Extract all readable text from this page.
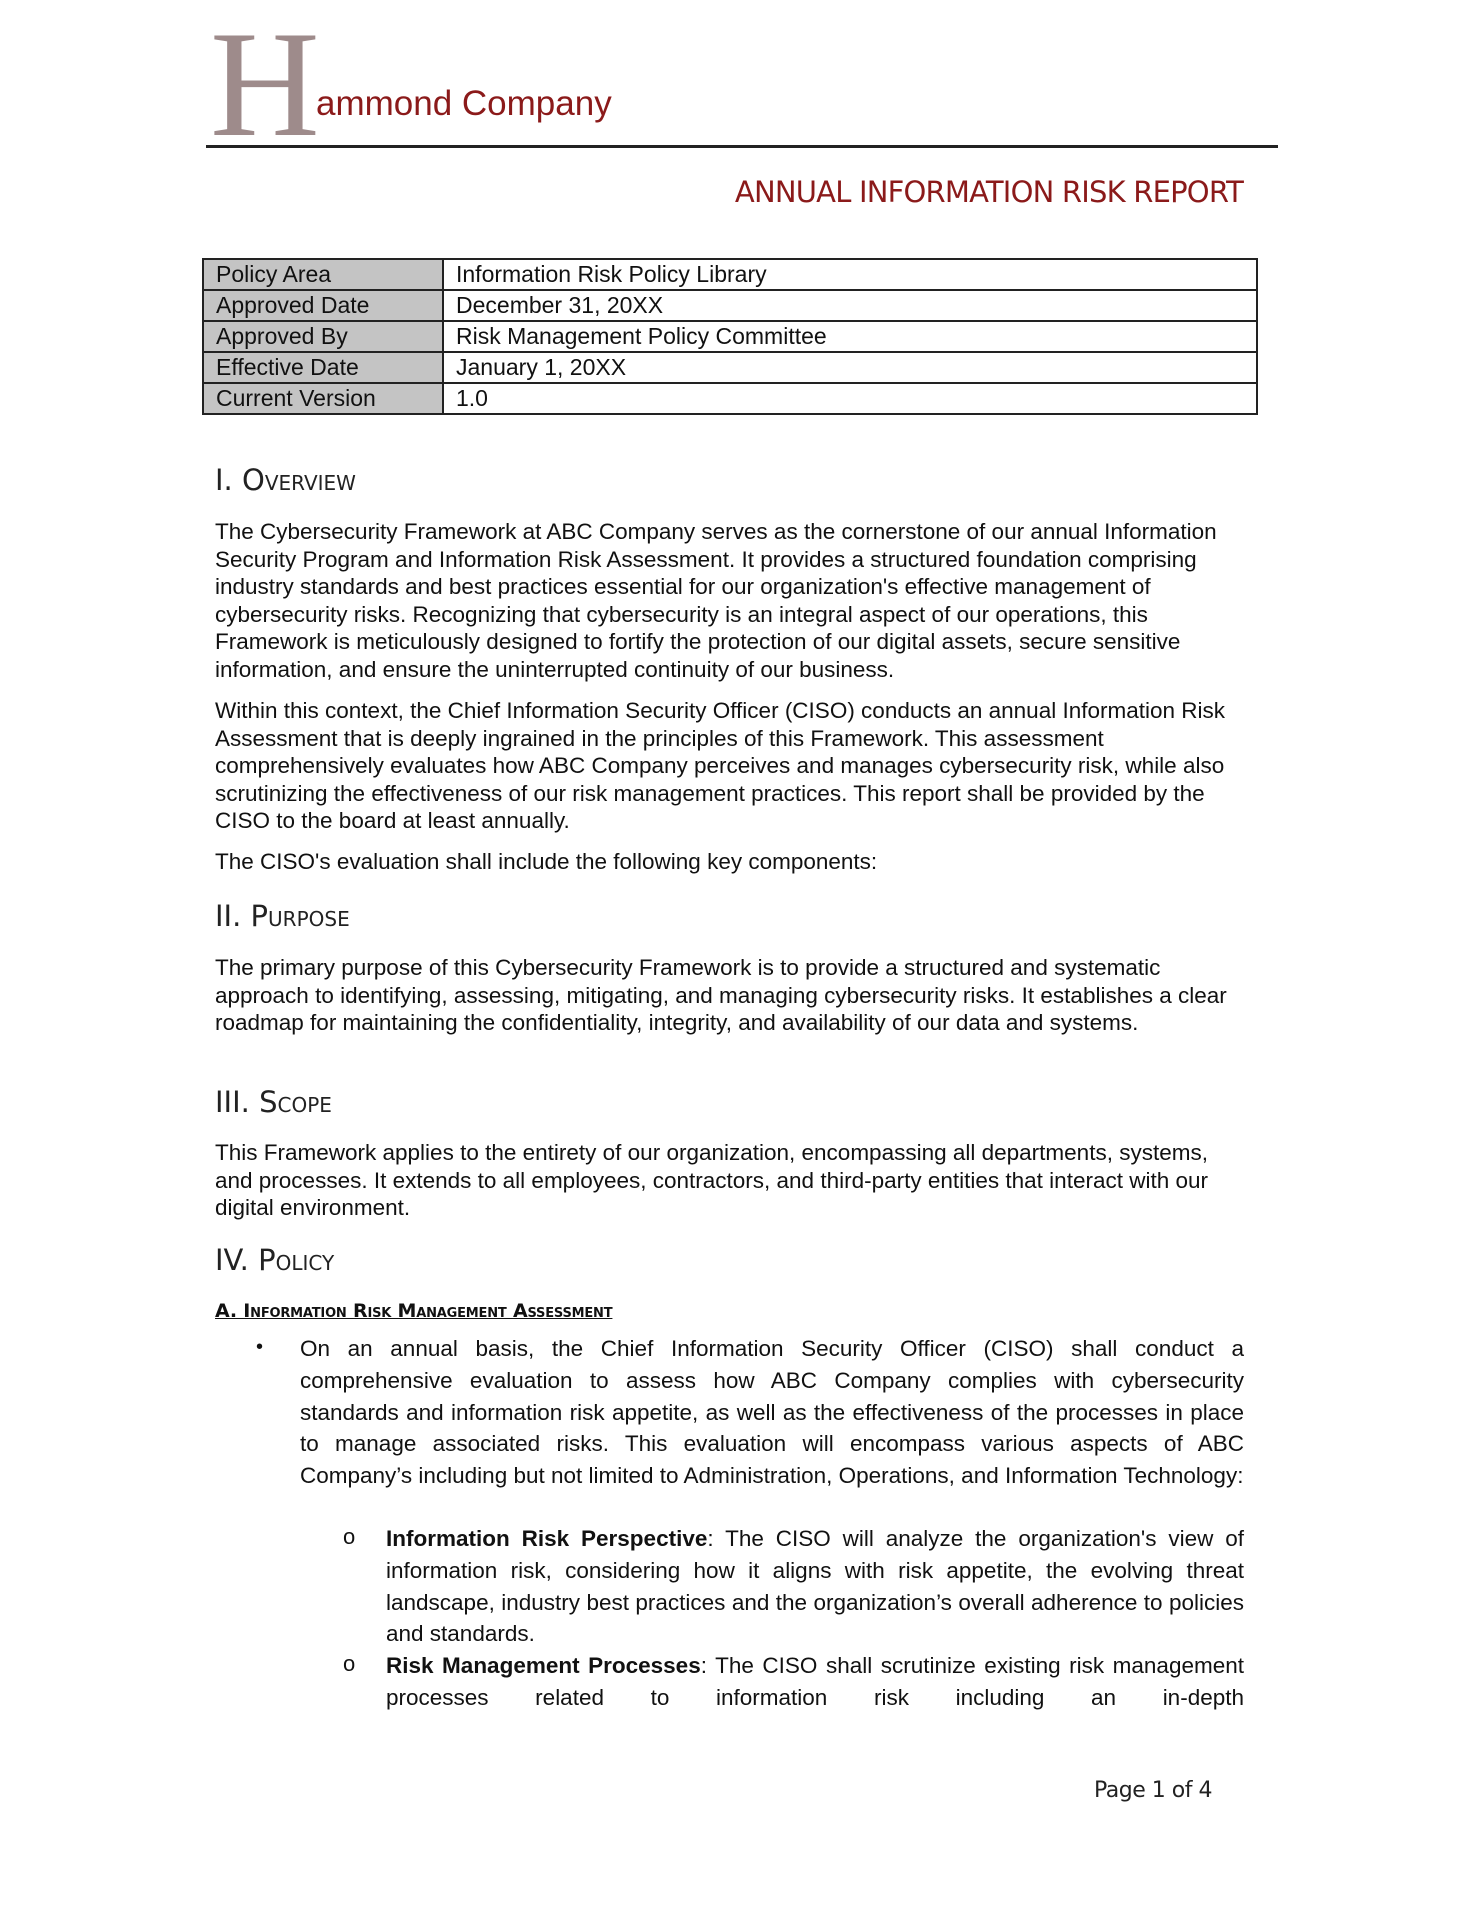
H
ammond Company
ANNUAL INFORMATION RISK REPORT
Policy Area	Information Risk Policy Library
Approved Date	December 31, 20XX
Approved By	Risk Management Policy Committee
Effective Date	January 1, 20XX
Current Version	1.0
I. Overview

The Cybersecurity Framework at ABC Company serves as the cornerstone of our annual Information Security Program and Information Risk Assessment. It provides a structured foundation comprising industry standards and best practices essential for our organization's effective management of cybersecurity risks. Recognizing that cybersecurity is an integral aspect of our operations, this Framework is meticulously designed to fortify the protection of our digital assets, secure sensitive information, and ensure the uninterrupted continuity of our business.

Within this context, the Chief Information Security Officer (CISO) conducts an annual Information Risk Assessment that is deeply ingrained in the principles of this Framework. This assessment comprehensively evaluates how ABC Company perceives and manages cybersecurity risk, while also scrutinizing the effectiveness of our risk management practices. This report shall be provided by the CISO to the board at least annually.

The CISO's evaluation shall include the following key components:

II. Purpose

The primary purpose of this Cybersecurity Framework is to provide a structured and systematic approach to identifying, assessing, mitigating, and managing cybersecurity risks. It establishes a clear roadmap for maintaining the confidentiality, integrity, and availability of our data and systems.

III. Scope

This Framework applies to the entirety of our organization, encompassing all departments, systems, and processes. It extends to all employees, contractors, and third-party entities that interact with our digital environment.

IV. Policy
A. Information Risk Management Assessment
• On an annual basis, the Chief Information Security Officer (CISO) shall conduct a comprehensive evaluation to assess how ABC Company complies with cybersecurity standards and information risk appetite, as well as the effectiveness of the processes in place to manage associated risks. This evaluation will encompass various aspects of ABC Company’s including but not limited to Administration, Operations, and Information Technology:

o Information Risk Perspective: The CISO will analyze the organization's view of information risk, considering how it aligns with risk appetite, the evolving threat landscape, industry best practices and the organization’s overall adherence to policies and standards.

o Risk Management Processes: The CISO shall scrutinize existing risk management processes related to information risk including an in-depth

Page 1 of 4
